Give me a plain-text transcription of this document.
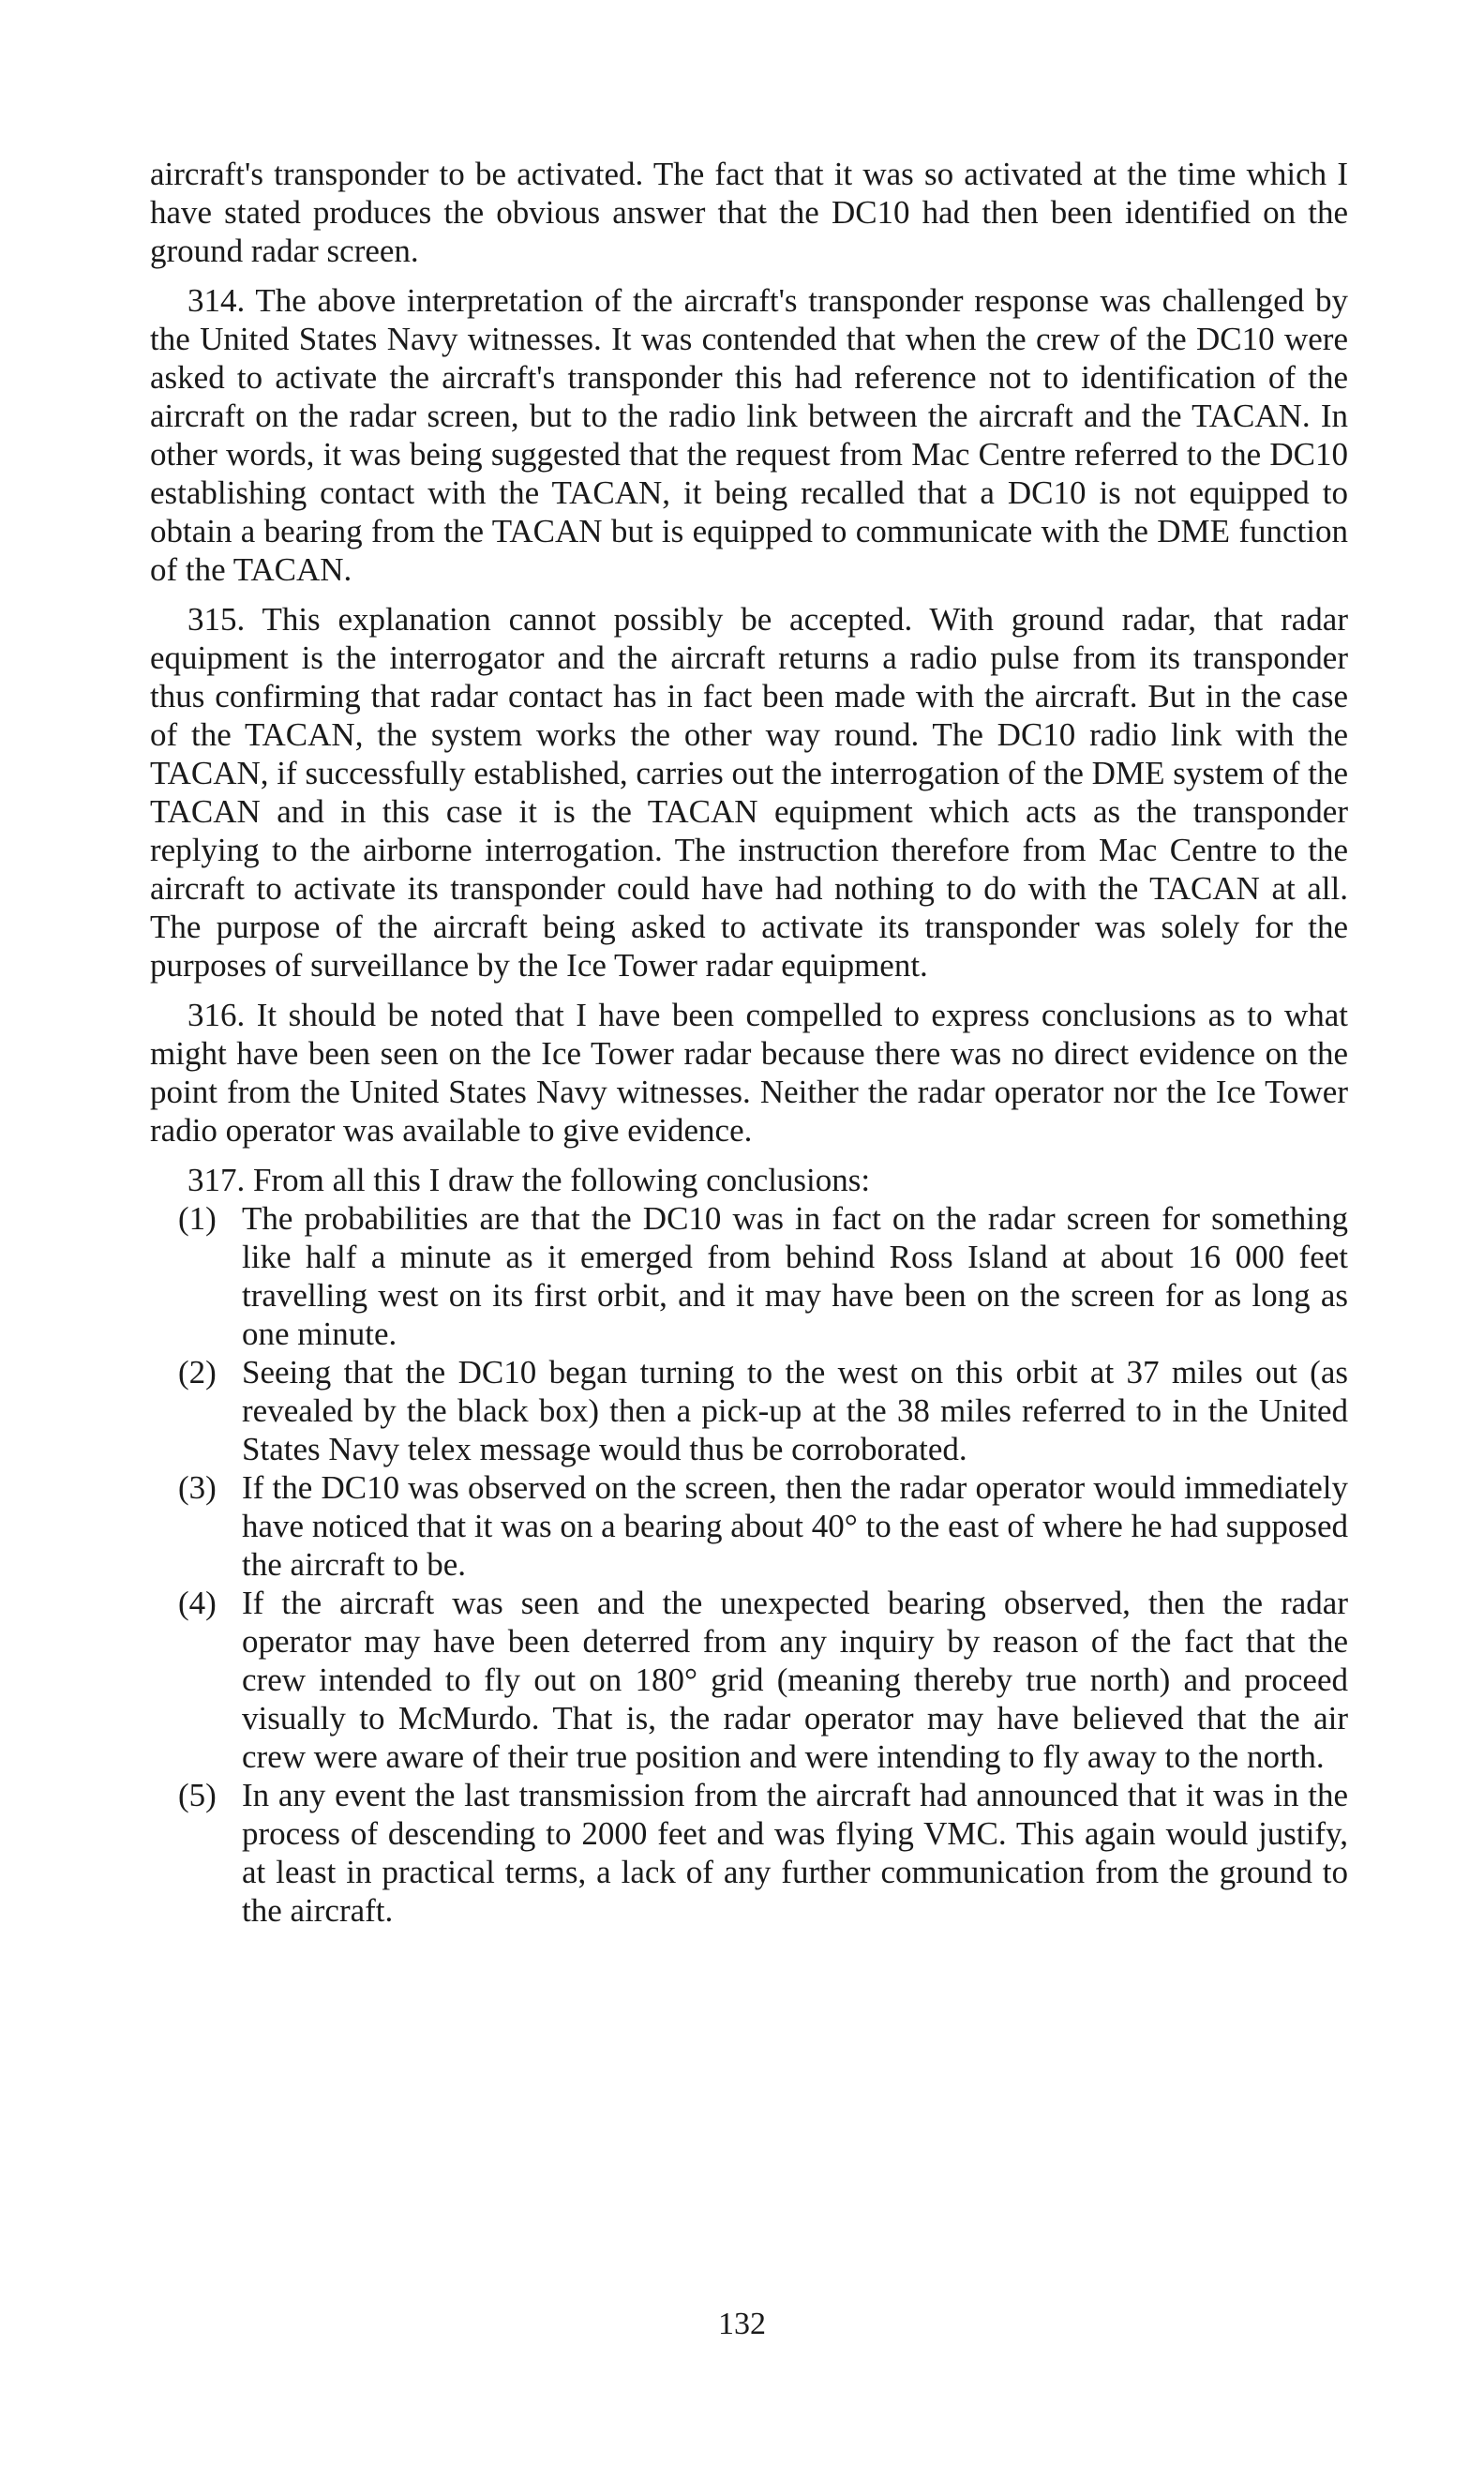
aircraft's transponder to be activated. The fact that it was so activated at the time which I have stated produces the obvious answer that the DC10 had then been identified on the ground radar screen.

314. The above interpretation of the aircraft's transponder response was challenged by the United States Navy witnesses. It was contended that when the crew of the DC10 were asked to activate the aircraft's transponder this had reference not to identification of the aircraft on the radar screen, but to the radio link between the aircraft and the TACAN. In other words, it was being suggested that the request from Mac Centre referred to the DC10 establishing contact with the TACAN, it being recalled that a DC10 is not equipped to obtain a bearing from the TACAN but is equipped to communicate with the DME function of the TACAN.

315. This explanation cannot possibly be accepted. With ground radar, that radar equipment is the interrogator and the aircraft returns a radio pulse from its transponder thus confirming that radar contact has in fact been made with the aircraft. But in the case of the TACAN, the system works the other way round. The DC10 radio link with the TACAN, if successfully established, carries out the interrogation of the DME system of the TACAN and in this case it is the TACAN equipment which acts as the transponder replying to the airborne interrogation. The instruction therefore from Mac Centre to the aircraft to activate its transponder could have had nothing to do with the TACAN at all. The purpose of the aircraft being asked to activate its transponder was solely for the purposes of surveillance by the Ice Tower radar equipment.

316. It should be noted that I have been compelled to express conclusions as to what might have been seen on the Ice Tower radar because there was no direct evidence on the point from the United States Navy witnesses. Neither the radar operator nor the Ice Tower radio operator was available to give evidence.

317. From all this I draw the following conclusions:

(1) The probabilities are that the DC10 was in fact on the radar screen for something like half a minute as it emerged from behind Ross Island at about 16 000 feet travelling west on its first orbit, and it may have been on the screen for as long as one minute.
(2) Seeing that the DC10 began turning to the west on this orbit at 37 miles out (as revealed by the black box) then a pick-up at the 38 miles referred to in the United States Navy telex message would thus be corroborated.
(3) If the DC10 was observed on the screen, then the radar operator would immediately have noticed that it was on a bearing about 40° to the east of where he had supposed the aircraft to be.
(4) If the aircraft was seen and the unexpected bearing observed, then the radar operator may have been deterred from any inquiry by reason of the fact that the crew intended to fly out on 180° grid (meaning thereby true north) and proceed visually to McMurdo. That is, the radar operator may have believed that the air crew were aware of their true position and were intending to fly away to the north.
(5) In any event the last transmission from the aircraft had announced that it was in the process of descending to 2000 feet and was flying VMC. This again would justify, at least in practical terms, a lack of any further communication from the ground to the aircraft.
132
